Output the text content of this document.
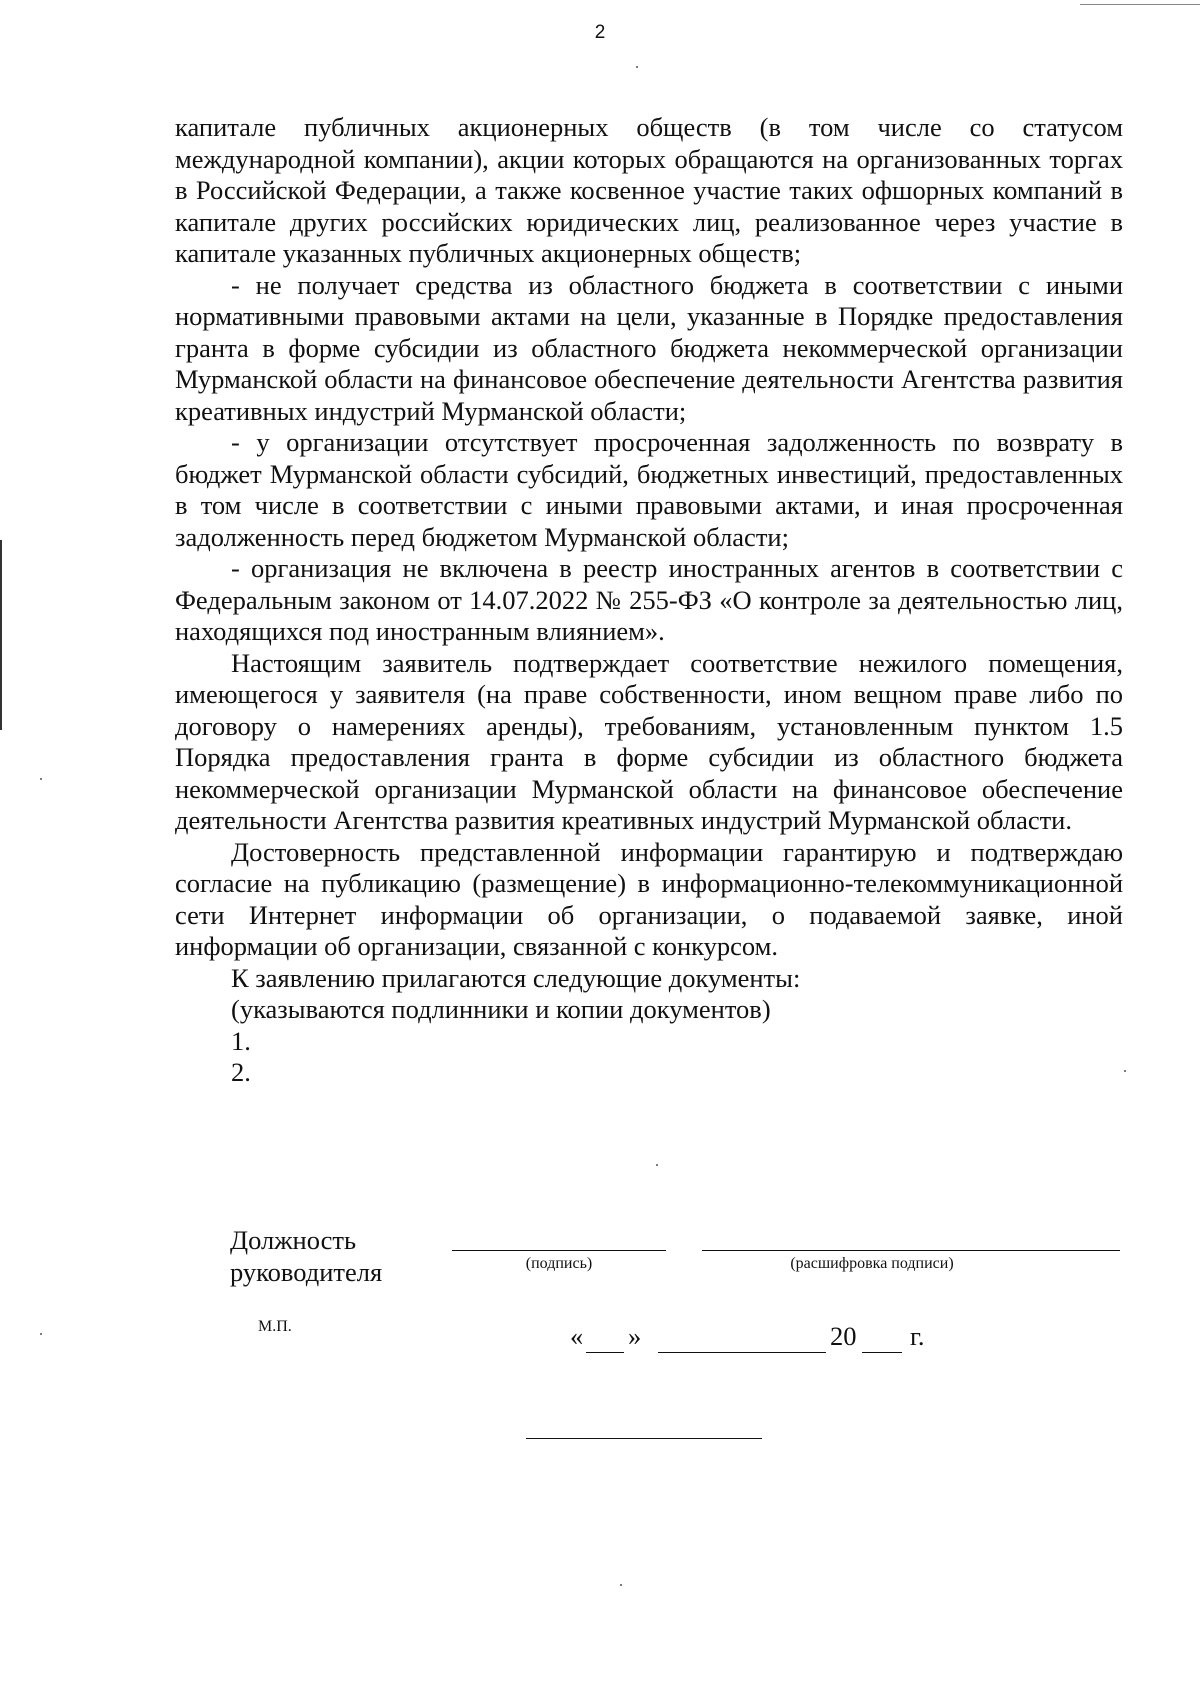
2

капитале публичных акционерных обществ (в том числе со статусом международной компании), акции которых обращаются на организованных торгах в Российской Федерации, а также косвенное участие таких офшорных компаний в капитале других российских юридических лиц, реализованное через участие в капитале указанных публичных акционерных обществ;

- не получает средства из областного бюджета в соответствии с иными нормативными правовыми актами на цели, указанные в Порядке предоставления гранта в форме субсидии из областного бюджета некоммерческой организации Мурманской области на финансовое обеспечение деятельности Агентства развития креативных индустрий Мурманской области;

- у организации отсутствует просроченная задолженность по возврату в бюджет Мурманской области субсидий, бюджетных инвестиций, предоставленных в том числе в соответствии с иными правовыми актами, и иная просроченная задолженность перед бюджетом Мурманской области;

- организация не включена в реестр иностранных агентов в соответствии с Федеральным законом от 14.07.2022 № 255-ФЗ «О контроле за деятельностью лиц, находящихся под иностранным влиянием».

Настоящим заявитель подтверждает соответствие нежилого помещения, имеющегося у заявителя (на праве собственности, ином вещном праве либо по договору о намерениях аренды), требованиям, установленным пунктом 1.5 Порядка предоставления гранта в форме субсидии из областного бюджета некоммерческой организации Мурманской области на финансовое обеспечение деятельности Агентства развития креативных индустрий Мурманской области.

Достоверность представленной информации гарантирую и подтверждаю согласие на публикацию (размещение) в информационно-телекоммуникационной сети Интернет информации об организации, о подаваемой заявке, иной информации об организации, связанной с конкурсом.

К заявлению прилагаются следующие документы:

(указываются подлинники и копии документов)

1.

2.

Должность
руководителя	(подпись)	(расшифровка подписи)
М.П.	« »	20 г.
